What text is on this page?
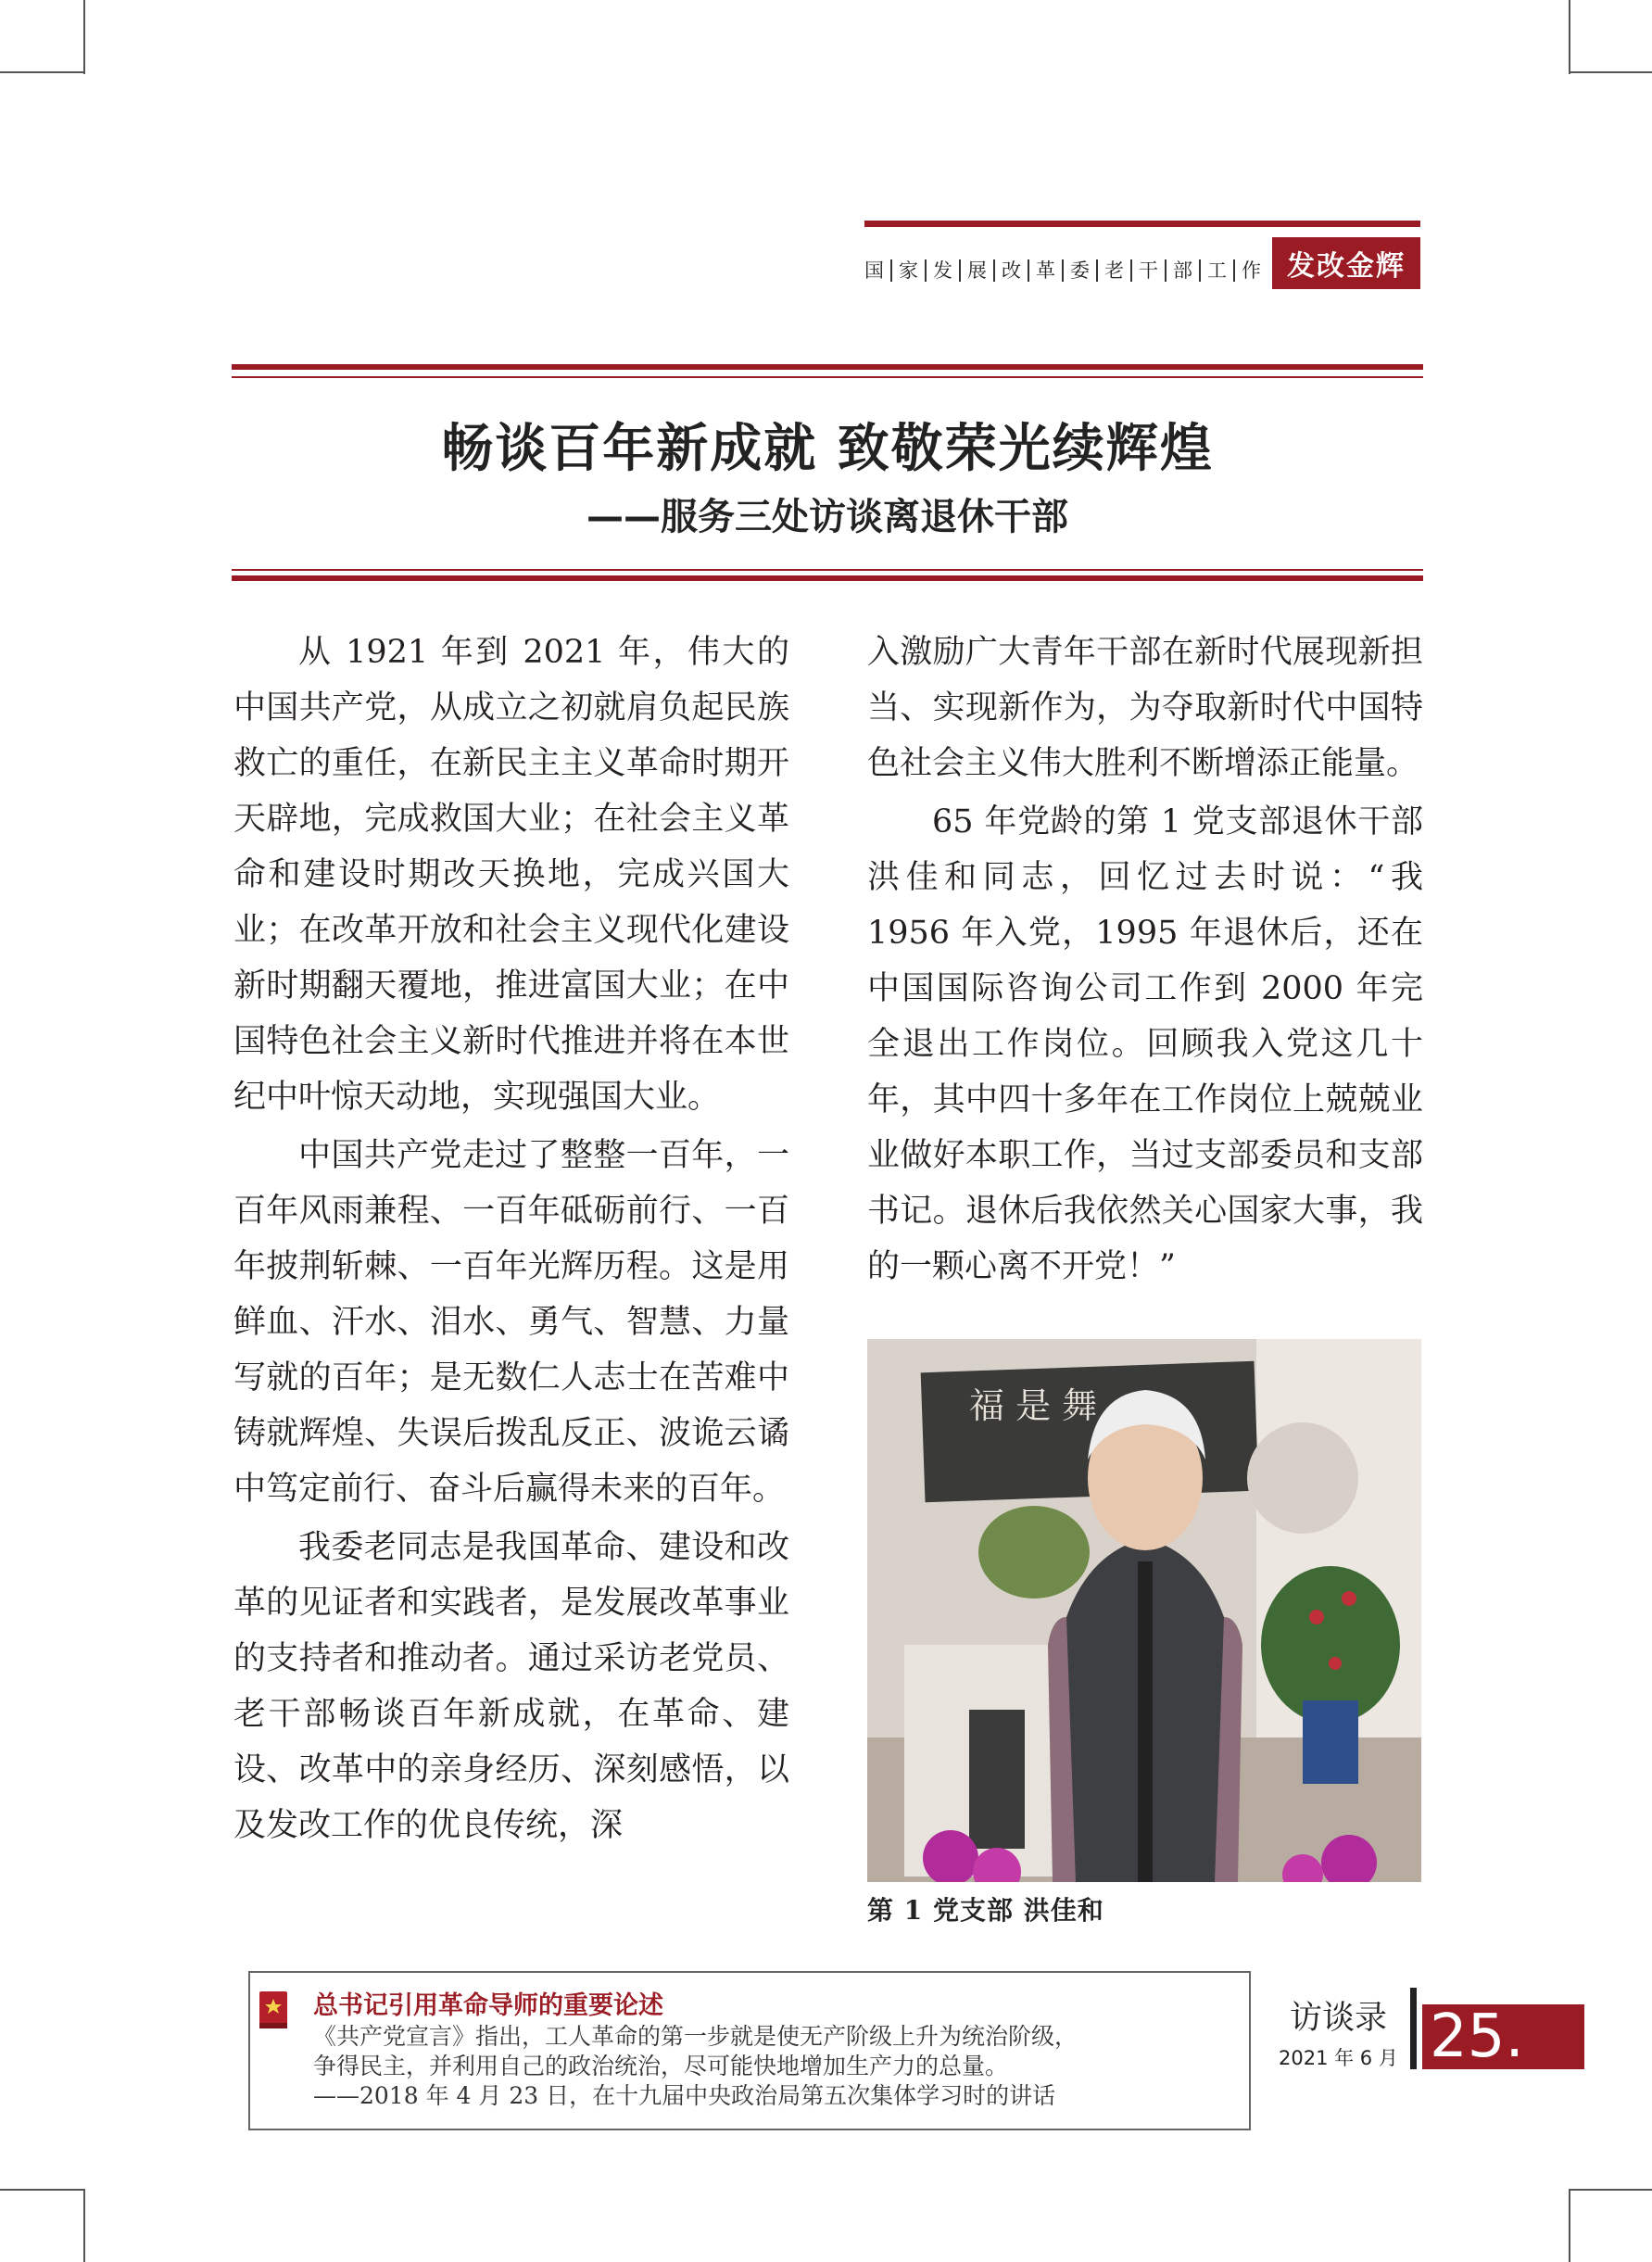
国 家 发 展 改 革 委 老 干 部 工 作 发改金辉
畅谈百年新成就 致敬荣光续辉煌
——服务三处访谈离退休干部

从 1921 年到 2021 年，伟大的中国共产党，从成立之初就肩负起民族救亡的重任，在新民主主义革命时期开天辟地，完成救国大业；在社会主义革命和建设时期改天换地，完成兴国大业；在改革开放和社会主义现代化建设新时期翻天覆地，推进富国大业；在中国特色社会主义新时代推进并将在本世纪中叶惊天动地，实现强国大业。

中国共产党走过了整整一百年，一百年风雨兼程、一百年砥砺前行、一百年披荆斩棘、一百年光辉历程。这是用鲜血、汗水、泪水、勇气、智慧、力量写就的百年；是无数仁人志士在苦难中铸就辉煌、失误后拨乱反正、波诡云谲中笃定前行、奋斗后赢得未来的百年。

我委老同志是我国革命、建设和改革的见证者和实践者，是发展改革事业的支持者和推动者。通过采访老党员、老干部畅谈百年新成就，在革命、建设、改革中的亲身经历、深刻感悟，以及发改工作的优良传统，深

入激励广大青年干部在新时代展现新担当、实现新作为，为夺取新时代中国特色社会主义伟大胜利不断增添正能量。

65 年党龄的第 1 党支部退休干部洪佳和同志，回忆过去时说：“我 1956 年入党，1995 年退休后，还在中国国际咨询公司工作到 2000 年完全退出工作岗位。回顾我入党这几十年，其中四十多年在工作岗位上兢兢业业做好本职工作，当过支部委员和支部书记。退休后我依然关心国家大事，我的一颗心离不开党！”

福 是 舞
第 1 党支部 洪佳和
总书记引用革命导师的重要论述
《共产党宣言》指出，工人革命的第一步就是使无产阶级上升为统治阶级，
争得民主，并利用自己的政治统治，尽可能快地增加生产力的总量。
——2018 年 4 月 23 日，在十九届中央政治局第五次集体学习时的讲话
访谈录
2021 年 6 月 25.
